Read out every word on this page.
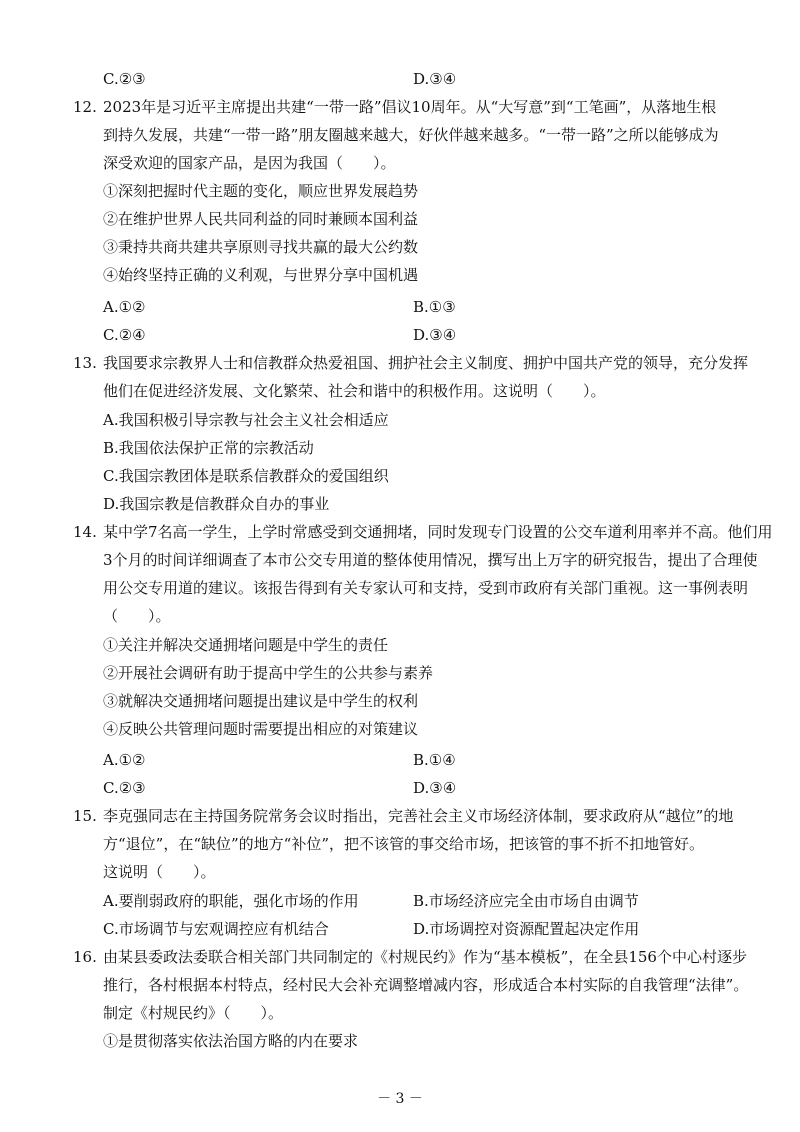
C.②③	D.③④
12. 2023年是习近平主席提出共建“一带一路”倡议10周年。从“大写意”到“工笔画”，从落地生根
到持久发展，共建“一带一路”朋友圈越来越大，好伙伴越来越多。“一带一路”之所以能够成为
深受欢迎的国家产品，是因为我国（　　）。
①深刻把握时代主题的变化，顺应世界发展趋势
②在维护世界人民共同利益的同时兼顾本国利益
③秉持共商共建共享原则寻找共赢的最大公约数
④始终坚持正确的义利观，与世界分享中国机遇
A.①②	B.①③
C.②④	D.③④
13. 我国要求宗教界人士和信教群众热爱祖国、拥护社会主义制度、拥护中国共产党的领导，充分发挥
他们在促进经济发展、文化繁荣、社会和谐中的积极作用。这说明（　　）。
A.我国积极引导宗教与社会主义社会相适应
B.我国依法保护正常的宗教活动
C.我国宗教团体是联系信教群众的爱国组织
D.我国宗教是信教群众自办的事业
14. 某中学7名高一学生，上学时常感受到交通拥堵，同时发现专门设置的公交车道利用率并不高。他们用
3个月的时间详细调查了本市公交专用道的整体使用情况，撰写出上万字的研究报告，提出了合理使
用公交专用道的建议。该报告得到有关专家认可和支持，受到市政府有关部门重视。这一事例表明
（　　）。
①关注并解决交通拥堵问题是中学生的责任
②开展社会调研有助于提高中学生的公共参与素养
③就解决交通拥堵问题提出建议是中学生的权利
④反映公共管理问题时需要提出相应的对策建议
A.①②	B.①④
C.②③	D.③④
15. 李克强同志在主持国务院常务会议时指出，完善社会主义市场经济体制，要求政府从“越位”的地
方“退位”，在“缺位”的地方“补位”，把不该管的事交给市场，把该管的事不折不扣地管好。
这说明（　　）。
A.要削弱政府的职能，强化市场的作用	B.市场经济应完全由市场自由调节
C.市场调节与宏观调控应有机结合	D.市场调控对资源配置起决定作用
16. 由某县委政法委联合相关部门共同制定的《村规民约》作为“基本模板”，在全县156个中心村逐步
推行，各村根据本村特点，经村民大会补充调整增减内容，形成适合本村实际的自我管理“法律”。
制定《村规民约》（　　）。
①是贯彻落实依法治国方略的内在要求
－ 3 －
